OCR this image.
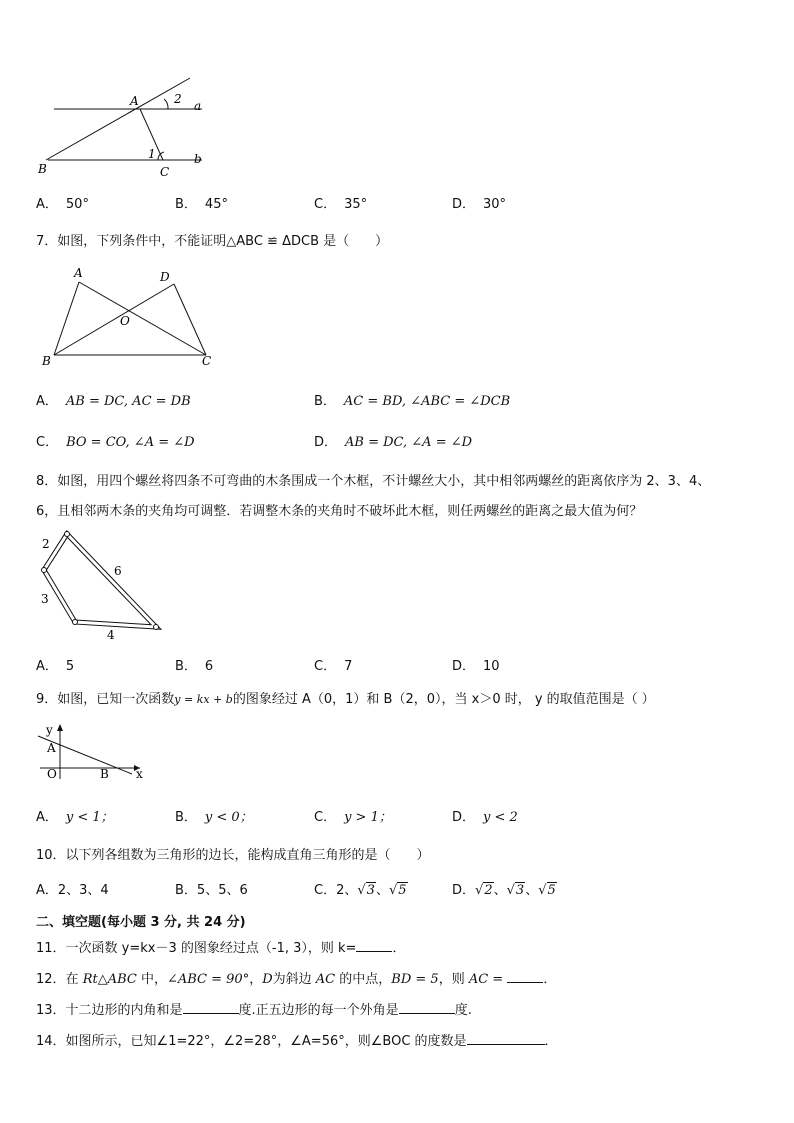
A	2 a
1	b
B	C
A． 50°	B． 45°	C． 35°	D． 30°
7．如图，下列条件中，不能证明△ABC ≌ ΔDCB 是（　　）
A	D
O
B	C
A． AB = DC, AC = DB	B． AC = BD, ∠ABC = ∠DCB
C． BO = CO, ∠A = ∠D	D． AB = DC, ∠A = ∠D
8．如图，用四个螺丝将四条不可弯曲的木条围成一个木框，不计螺丝大小，其中相邻两螺丝的距离依序为 2、3、4、
6，且相邻两木条的夹角均可调整．若调整木条的夹角时不破坏此木框，则任两螺丝的距离之最大值为何？
2
6
3
4
A． 5	B． 6	C． 7	D． 10
9．如图，已知一次函数y = kx + b的图象经过 A（0，1）和 B（2，0），当 x＞0 时， y 的取值范围是（ ）
y
A
O	B x
A． y < 1；	B． y < 0；	C． y > 1；	D． y < 2
10．以下列各组数为三角形的边长，能构成直角三角形的是（　　）
A．2、3、4	B．5、5、6	C．2、√3、√5	D．√2、√3、√5
二、填空题(每小题 3 分, 共 24 分)
11．一次函数 y=kx－3 的图象经过点（-1, 3），则 k=	．
12．在 Rt△ABC 中，∠ABC = 90°，D为斜边 AC 的中点，BD = 5，则 AC =	．
13．十二边形的内角和是	度.正五边形的每一个外角是	度.
14．如图所示，已知∠1=22°，∠2=28°，∠A=56°，则∠BOC 的度数是	．
